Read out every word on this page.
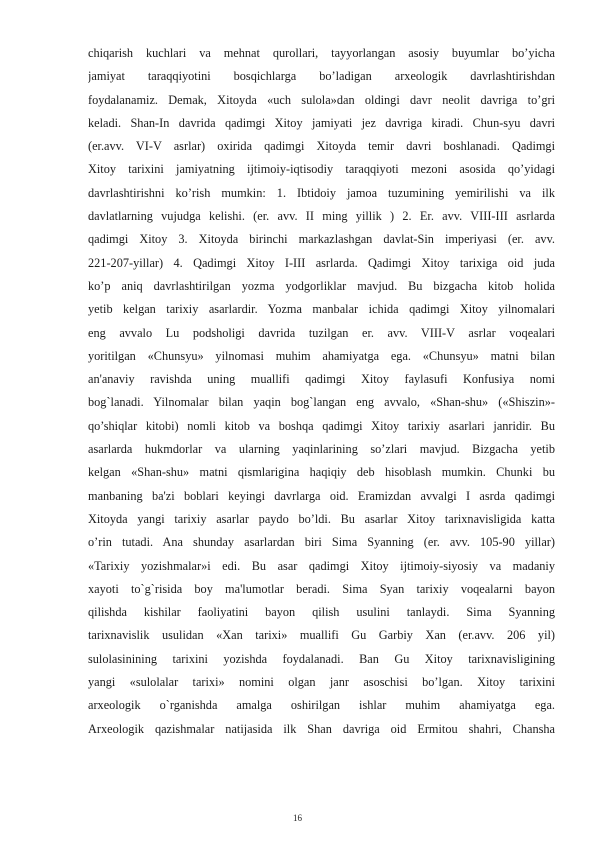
chiqarish kuchlari va mehnat qurollari, tayyorlangan asosiy buyumlar bo’yicha
jamiyat taraqqiyotini bosqichlarga bo’ladigan arxeologik davrlashtirishdan
foydalanamiz. Demak, Xitoyda «uch sulola»dan oldingi davr neolit davriga to’gri
keladi. Shan-In davrida qadimgi Xitoy jamiyati jez davriga kiradi. Chun-syu davri
(er.avv. VI-V asrlar) oxirida qadimgi Xitoyda temir davri boshlanadi. Qadimgi
Xitoy tarixini jamiyatning ijtimoiy-iqtisodiy taraqqiyoti mezoni asosida qo’yidagi
davrlashtirishni ko’rish mumkin: 1. Ibtidoiy jamoa tuzumining yemirilishi va ilk
davlatlarning vujudga kelishi. (er. avv. II ming yillik ) 2. Er. avv. VIII-III asrlarda
qadimgi Xitoy 3. Xitoyda birinchi markazlashgan davlat-Sin imperiyasi (er. avv.
221-207-yillar) 4. Qadimgi Xitoy I-III asrlarda. Qadimgi Xitoy tarixiga oid juda
ko’p aniq davrlashtirilgan yozma yodgorliklar mavjud. Bu bizgacha kitob holida
yetib kelgan tarixiy asarlardir. Yozma manbalar ichida qadimgi Xitoy yilnomalari
eng avvalo Lu podsholigi davrida tuzilgan er. avv. VIII-V asrlar voqealari
yoritilgan «Chunsyu» yilnomasi muhim ahamiyatga ega. «Chunsyu» matni bilan
an'anaviy ravishda uning muallifi qadimgi Xitoy faylasufi Konfusiya nomi
bog`lanadi. Yilnomalar bilan yaqin bog`langan eng avvalo, «Shan-shu» («Shiszin»-
qo’shiqlar kitobi) nomli kitob va boshqa qadimgi Xitoy tarixiy asarlari janridir. Bu
asarlarda hukmdorlar va ularning yaqinlarining so’zlari mavjud. Bizgacha yetib
kelgan «Shan-shu» matni qismlarigina haqiqiy deb hisoblash mumkin. Chunki bu
manbaning ba'zi boblari keyingi davrlarga oid. Eramizdan avvalgi I asrda qadimgi
Xitoyda yangi tarixiy asarlar paydo bo’ldi. Bu asarlar Xitoy tarixnavisligida katta
o’rin tutadi. Ana shunday asarlardan biri Sima Syanning (er. avv. 105-90 yillar)
«Tarixiy yozishmalar»i edi. Bu asar qadimgi Xitoy ijtimoiy-siyosiy va madaniy
xayoti to`g`risida boy ma'lumotlar beradi. Sima Syan tarixiy voqealarni bayon
qilishda kishilar faoliyatini bayon qilish usulini tanlaydi. Sima Syanning
tarixnavislik usulidan «Xan tarixi» muallifi Gu Garbiy Xan (er.avv. 206 yil)
sulolasinining tarixini yozishda foydalanadi. Ban Gu Xitoy tarixnavisligining
yangi «sulolalar tarixi» nomini olgan janr asoschisi bo’lgan. Xitoy tarixini
arxeologik o`rganishda amalga oshirilgan ishlar muhim ahamiyatga ega.
Arxeologik qazishmalar natijasida ilk Shan davriga oid Ermitou shahri, Chansha
16
